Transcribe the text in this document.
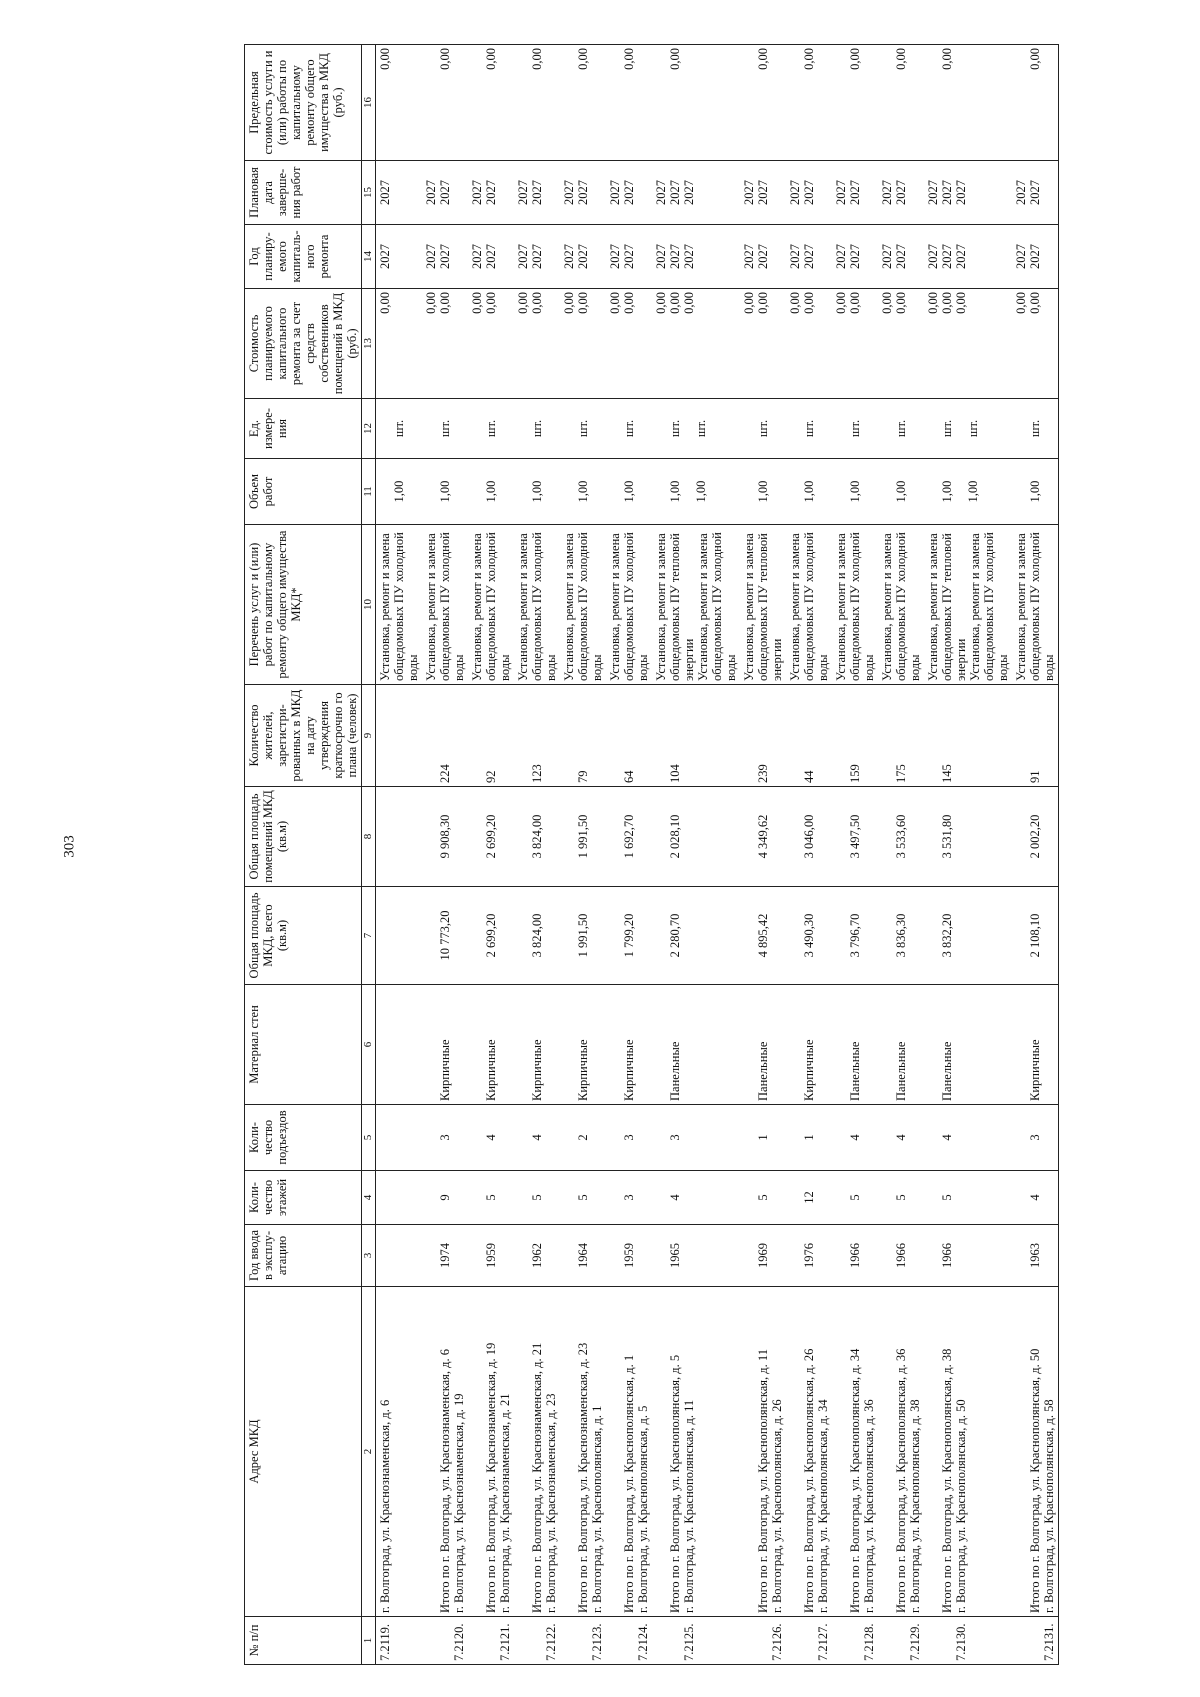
303
№ п/п	Адрес МКД	Год ввода в эксплу-атацию	Коли-чество этажей	Коли-чество подъездов	Материал стен	Общая площадь МКД, всего (кв.м)	Общая площадь помещений МКД (кв.м)	Количество жителей, зарегистри-рованных в МКД на дату утверждения краткосрочно го плана (человек)	Перечень услуг и (или) работ по капитальному ремонту общего имущества МКД*	Объем работ	Ед. измере-ния	Стоимость планируемого капитального ремонта за счет средств собственников помещений в МКД (руб.)	Год планиру-емого капиталь-ного ремонта	Плановая дата заверше-ния работ	Предельная стоимость услуги и (или) работы по капитальному ремонту общего имущества в МКД (руб.)
1	2	3	4	5	6	7	8	9	10	11	12	13	14	15	16

7.2119.	г. Волгоград, ул. Краснознаменская, д. 6								Установка, ремонт и замена общедомовых ПУ холодной воды	1,00	шт.	0,00	2027	2027	0,00

7.2120.	Итого по г. Волгоград, ул. Краснознаменская, д. 6 г. Волгоград, ул. Краснознаменская, д. 19	1974	9	3	Кирпичные	10 773,20	9 908,30	224	Установка, ремонт и замена общедомовых ПУ холодной воды	1,00	шт.	0,00 0,00	2027 2027	2027 2027	0,00

7.2121.	Итого по г. Волгоград, ул. Краснознаменская, д. 19 г. Волгоград, ул. Краснознаменская, д. 21	1959	5	4	Кирпичные	2 699,20	2 699,20	92	Установка, ремонт и замена общедомовых ПУ холодной воды	1,00	шт.	0,00 0,00	2027 2027	2027 2027	0,00

7.2122.	Итого по г. Волгоград, ул. Краснознаменская, д. 21 г. Волгоград, ул. Краснознаменская, д. 23	1962	5	4	Кирпичные	3 824,00	3 824,00	123	Установка, ремонт и замена общедомовых ПУ холодной воды	1,00	шт.	0,00 0,00	2027 2027	2027 2027	0,00

7.2123.	Итого по г. Волгоград, ул. Краснознаменская, д. 23 г. Волгоград, ул. Краснополянская, д. 1	1964	5	2	Кирпичные	1 991,50	1 991,50	79	Установка, ремонт и замена общедомовых ПУ холодной воды	1,00	шт.	0,00 0,00	2027 2027	2027 2027	0,00

7.2124.	Итого по г. Волгоград, ул. Краснополянская, д. 1 г. Волгоград, ул. Краснополянская, д. 5	1959	3	3	Кирпичные	1 799,20	1 692,70	64	Установка, ремонт и замена общедомовых ПУ холодной воды	1,00	шт.	0,00 0,00	2027 2027	2027 2027	0,00

7.2125.	Итого по г. Волгоград, ул. Краснополянская, д. 5 г. Волгоград, ул. Краснополянская, д. 11	1965	4	3	Панельные	2 280,70	2 028,10	104	Установка, ремонт и замена общедомовых ПУ тепловой энергии Установка, ремонт и замена общедомовых ПУ холодной воды	1,00 1,00	шт. шт.	0,00 0,00 0,00	2027 2027 2027	2027 2027 2027	0,00

7.2126.	Итого по г. Волгоград, ул. Краснополянская, д. 11 г. Волгоград, ул. Краснополянская, д. 26	1969	5	1	Панельные	4 895,42	4 349,62	239	Установка, ремонт и замена общедомовых ПУ тепловой энергии	1,00	шт.	0,00 0,00	2027 2027	2027 2027	0,00

7.2127.	Итого по г. Волгоград, ул. Краснополянская, д. 26 г. Волгоград, ул. Краснополянская, д. 34	1976	12	1	Кирпичные	3 490,30	3 046,00	44	Установка, ремонт и замена общедомовых ПУ холодной воды	1,00	шт.	0,00 0,00	2027 2027	2027 2027	0,00

7.2128.	Итого по г. Волгоград, ул. Краснополянская, д. 34 г. Волгоград, ул. Краснополянская, д. 36	1966	5	4	Панельные	3 796,70	3 497,50	159	Установка, ремонт и замена общедомовых ПУ холодной воды	1,00	шт.	0,00 0,00	2027 2027	2027 2027	0,00

7.2129.	Итого по г. Волгоград, ул. Краснополянская, д. 36 г. Волгоград, ул. Краснополянская, д. 38	1966	5	4	Панельные	3 836,30	3 533,60	175	Установка, ремонт и замена общедомовых ПУ холодной воды	1,00	шт.	0,00 0,00	2027 2027	2027 2027	0,00

7.2130.	Итого по г. Волгоград, ул. Краснополянская, д. 38 г. Волгоград, ул. Краснополянская, д. 50	1966	5	4	Панельные	3 832,20	3 531,80	145	Установка, ремонт и замена общедомовых ПУ тепловой энергии Установка, ремонт и замена общедомовых ПУ холодной воды	1,00 1,00	шт. шт.	0,00 0,00 0,00	2027 2027 2027	2027 2027 2027	0,00

7.2131.	Итого по г. Волгоград, ул. Краснополянская, д. 50 г. Волгоград, ул. Краснополянская, д. 58	1963	4	3	Кирпичные	2 108,10	2 002,20	91	Установка, ремонт и замена общедомовых ПУ холодной воды	1,00	шт.	0,00 0,00	2027 2027	2027 2027	0,00
